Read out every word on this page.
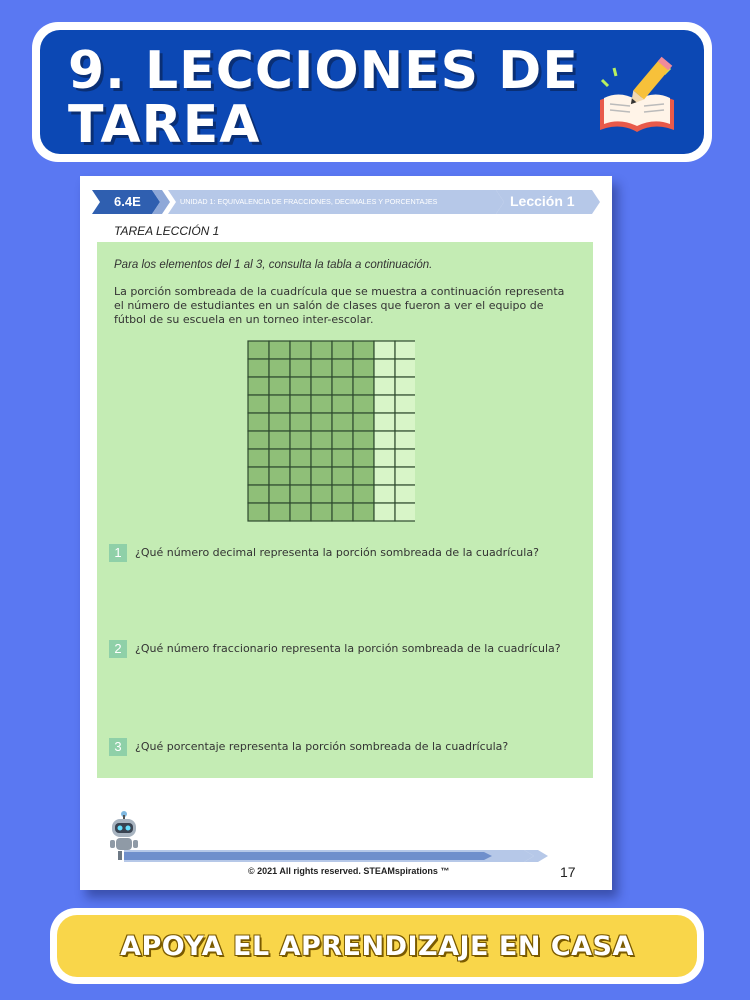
9. LECCIONES DE TAREA
6.4E	UNIDAD 1: EQUIVALENCIA DE FRACCIONES, DECIMALES Y PORCENTAJES	Lección 1
TAREA LECCIÓN 1
Para los elementos del 1 al 3, consulta la tabla a continuación.
La porción sombreada de la cuadrícula que se muestra a continuación representa el número de estudiantes en un salón de clases que fueron a ver el equipo de fútbol de su escuela en un torneo inter-escolar.
1	¿Qué número decimal representa la porción sombreada de la cuadrícula?
2	¿Qué número fraccionario representa la porción sombreada de la cuadrícula?
3	¿Qué porcentaje representa la porción sombreada de la cuadrícula?
© 2021 All rights reserved. STEAMspirations ™	17
APOYA EL APRENDIZAJE EN CASA
